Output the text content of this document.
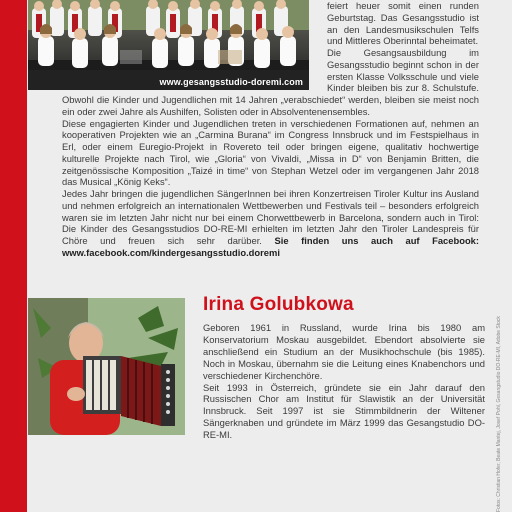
www.gesangsstudio-doremi.com

feiert heuer somit einen runden Geburtstag. Das Gesangsstudio ist an den Landesmusikschulen Telfs und Mittleres Oberinntal beheimatet.

Die Gesangsausbildung im Gesangsstudio beginnt schon in der ersten Klasse Volksschule und viele Kinder bleiben bis zur 8. Schulstufe. Obwohl die Kinder und Jugendlichen mit 14 Jahren „verabschiedet“ werden, bleiben sie meist noch ein oder zwei Jahre als Aushilfen, Solisten oder in Absolventenensembles.

Diese engagierten Kinder und Jugendlichen treten in verschiedenen Formationen auf, nehmen an kooperativen Projekten wie an „Carmina Burana“ im Congress Innsbruck und im Festspielhaus in Erl, oder einem Euregio-Projekt in Rovereto teil oder bringen eigene, qualitativ hochwertige kulturelle Projekte nach Tirol, wie „Gloria“ von Vivaldi, „Missa in D“ von Benjamin Britten, die zeitgenössische Komposition „Taizé in time“ von Stephan Wetzel oder im vergangenen Jahr 2018 das Musical „König Keks“.

Jedes Jahr bringen die jugendlichen SängerInnen bei ihren Konzertreisen Tiroler Kultur ins Ausland und nehmen erfolgreich an internationalen Wettbewerben und Festivals teil – besonders erfolgreich waren sie im letzten Jahr nicht nur bei einem Chorwettbewerb in Barcelona, sondern auch in Tirol: Die Kinder des Gesangsstudios DO-RE-MI erhielten im letzten Jahr den Tiroler Landespreis für Chöre und freuen sich sehr darüber. Sie finden uns auch auf Facebook: www.facebook.com/kindergesangsstudio.doremi

Irina Golubkowa

Geboren 1961 in Russland, wurde Irina bis 1980 am Konservatorium Moskau ausgebildet. Ebendort absolvierte sie anschließend ein Studium an der Musikhochschule (bis 1985). Noch in Moskau, übernahm sie die Leitung eines Knabenchors und verschiedener Kirchenchöre.

Seit 1993 in Österreich, gründete sie ein Jahr darauf den Russischen Chor am Institut für Slawistik an der Universität Innsbruck. Seit 1997 ist sie Stimmbildnerin der Wiltener Sängerknaben und gründete im März 1999 das Gesangstudio DO-RE-MI.	Fotos: Christian Hofer, Beate Mantej, Josef Pohl, Gesangstudio DO-RE-MI, Adobe Stock
